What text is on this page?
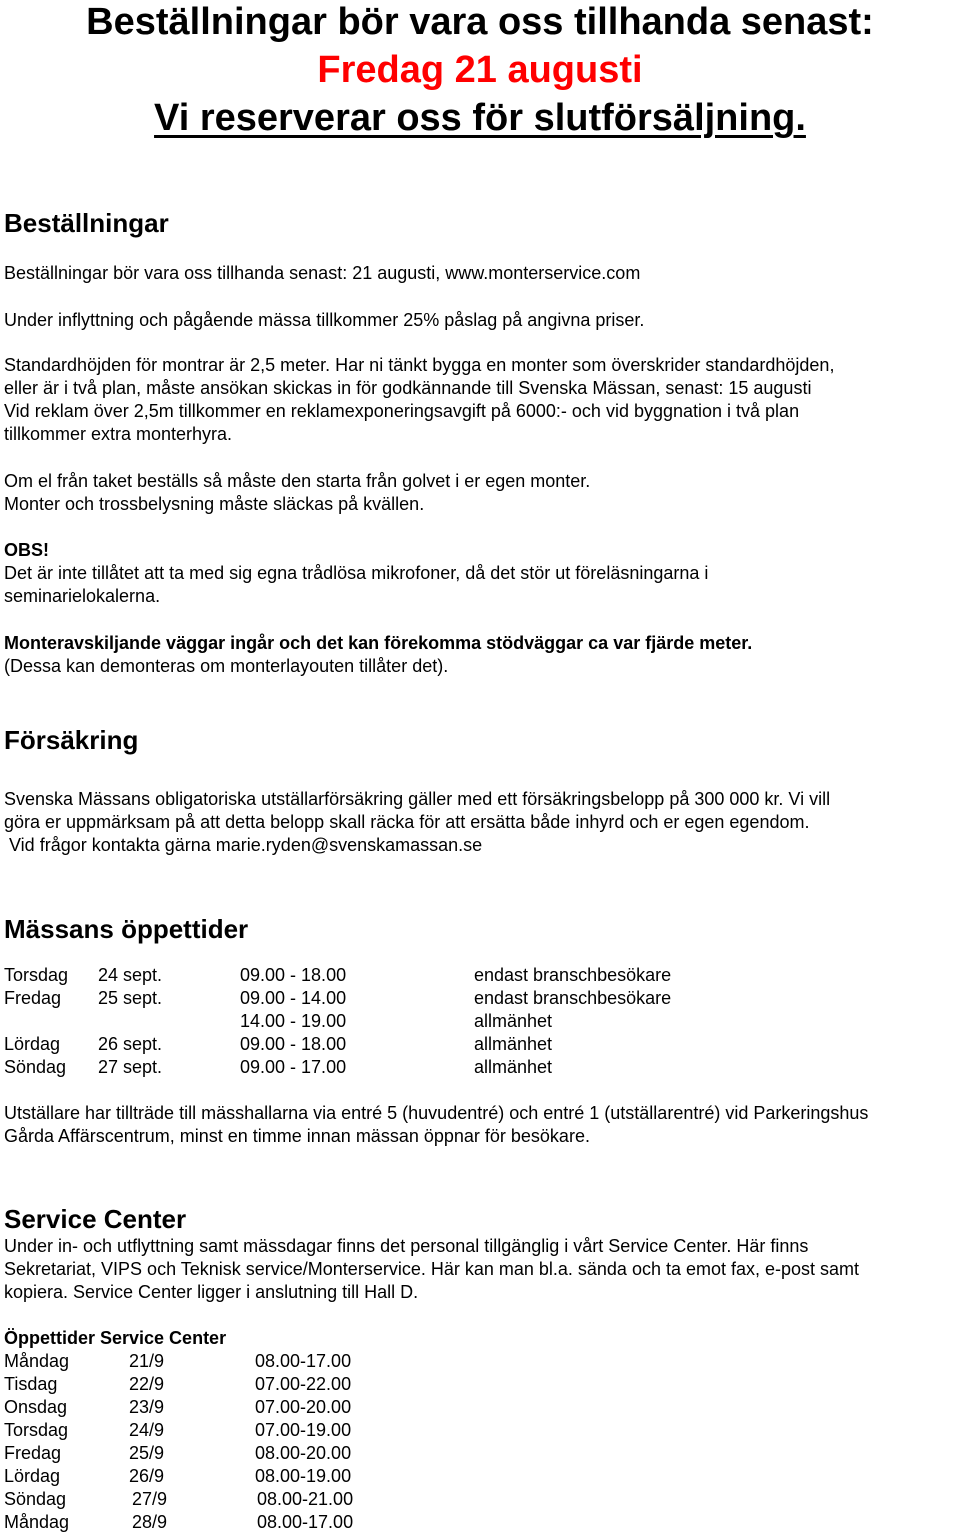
Beställningar bör vara oss tillhanda senast:
Fredag 21 augusti
Vi reserverar oss för slutförsäljning.
Beställningar
Beställningar bör vara oss tillhanda senast: 21 augusti, www.monterservice.com
Under inflyttning och pågående mässa tillkommer 25% påslag på angivna priser.
Standardhöjden för montrar är 2,5 meter. Har ni tänkt bygga en monter som överskrider standardhöjden,
eller är i två plan, måste ansökan skickas in för godkännande till Svenska Mässan, senast: 15 augusti
Vid reklam över 2,5m tillkommer en reklamexponeringsavgift på 6000:- och vid byggnation i två plan
tillkommer extra monterhyra.
Om el från taket beställs så måste den starta från golvet i er egen monter.
Monter och trossbelysning måste släckas på kvällen.
OBS!
Det är inte tillåtet att ta med sig egna trådlösa mikrofoner, då det stör ut föreläsningarna i
seminarielokalerna.
Monteravskiljande väggar ingår och det kan förekomma stödväggar ca var fjärde meter.
(Dessa kan demonteras om monterlayouten tillåter det).
Försäkring
Svenska Mässans obligatoriska utställarförsäkring gäller med ett försäkringsbelopp på 300 000 kr. Vi vill
göra er uppmärksam på att detta belopp skall räcka för att ersätta både inhyrd och er egen egendom.
Vid frågor kontakta gärna marie.ryden@svenskamassan.se
Mässans öppettider
Torsdag 24 sept.	09.00 - 18.00	endast branschbesökare
Fredag 25 sept.	09.00 - 14.00	endast branschbesökare
14.00 - 19.00	allmänhet
Lördag 26 sept.	09.00 - 18.00	allmänhet
Söndag 27 sept.	09.00 - 17.00	allmänhet
Utställare har tillträde till mässhallarna via entré 5 (huvudentré) och entré 1 (utställarentré) vid Parkeringshus
Gårda Affärscentrum, minst en timme innan mässan öppnar för besökare.
Service Center
Under in- och utflyttning samt mässdagar finns det personal tillgänglig i vårt Service Center. Här finns
Sekretariat, VIPS och Teknisk service/Monterservice. Här kan man bl.a. sända och ta emot fax, e-post samt
kopiera. Service Center ligger i anslutning till Hall D.
Öppettider Service Center
Måndag	21/9	08.00-17.00
Tisdag	22/9	07.00-22.00
Onsdag	23/9	07.00-20.00
Torsdag	24/9	07.00-19.00
Fredag	25/9	08.00-20.00
Lördag	26/9	08.00-19.00
Söndag	27/9	08.00-21.00
Måndag	28/9	08.00-17.00
